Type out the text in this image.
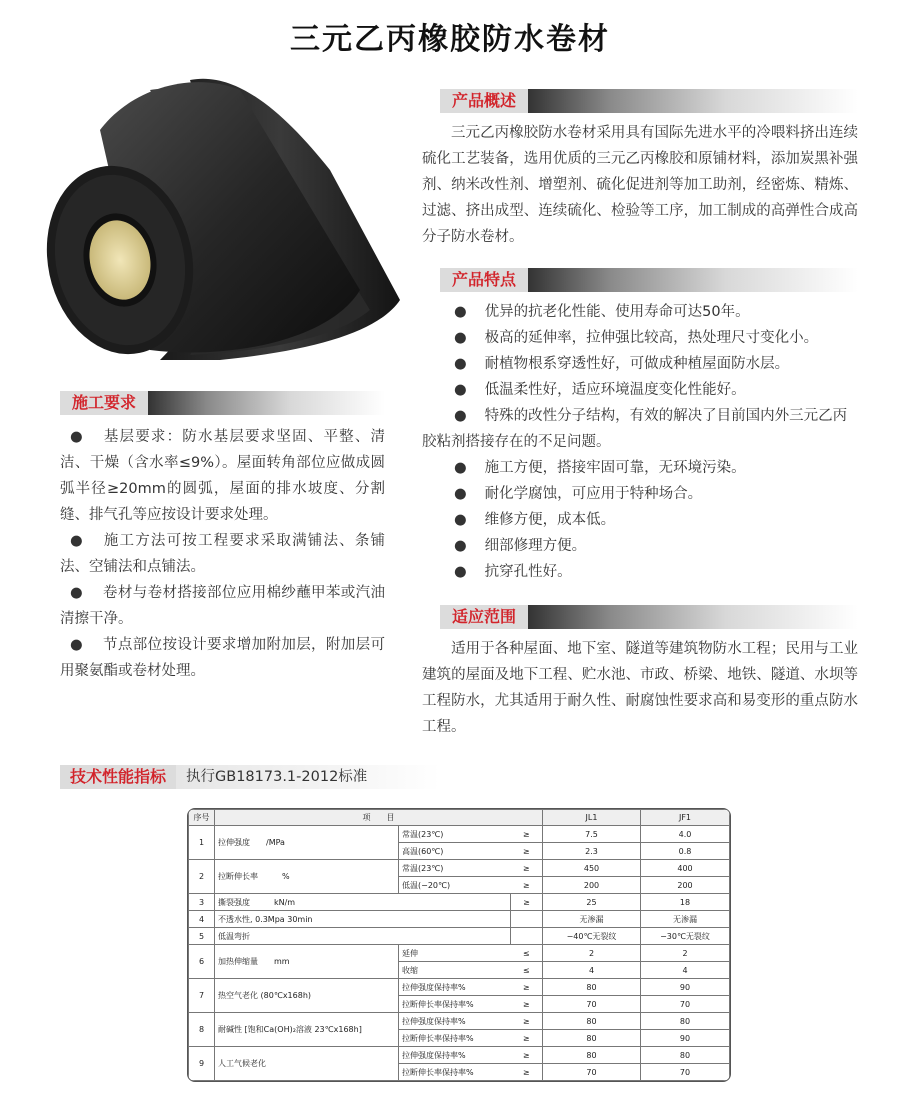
三元乙丙橡胶防水卷材
产品概述

三元乙丙橡胶防水卷材采用具有国际先进水平的冷喂料挤出连续硫化工艺装备，选用优质的三元乙丙橡胶和原铺材料，添加炭黑补强剂、纳米改性剂、增塑剂、硫化促进剂等加工助剂，经密炼、精炼、过滤、挤出成型、连续硫化、检验等工序，加工制成的高弹性合成高分子防水卷材。

产品特点
● 优异的抗老化性能、使用寿命可达50年。
● 极高的延伸率，拉伸强比较高，热处理尺寸变化小。
● 耐植物根系穿透性好，可做成种植屋面防水层。
● 低温柔性好，适应环境温度变化性能好。
● 特殊的改性分子结构，有效的解决了目前国内外三元乙丙胶粘剂搭接存在的不足问题。
● 施工方便，搭接牢固可靠，无环境污染。
● 耐化学腐蚀，可应用于特种场合。
● 维修方便，成本低。
● 细部修理方便。
● 抗穿孔性好。
适应范围

适用于各种屋面、地下室、隧道等建筑物防水工程；民用与工业建筑的屋面及地下工程、贮水池、市政、桥梁、地铁、隧道、水坝等工程防水，尤其适用于耐久性、耐腐蚀性要求高和易变形的重点防水工程。

施工要求
● 基层要求：防水基层要求坚固、平整、清洁、干燥（含水率≤9%）。屋面转角部位应做成圆弧半径≥20mm的圆弧，屋面的排水坡度、分割缝、排气孔等应按设计要求处理。
● 施工方法可按工程要求采取满铺法、条铺法、空铺法和点铺法。
● 卷材与卷材搭接部位应用棉纱蘸甲苯或汽油清擦干净。
● 节点部位按设计要求增加附加层，附加层可用聚氨酯或卷材处理。
技术性能指标	执行GB18173.1-2012标准
序号	项　　目			JL1	JF1
1	拉伸强度　　/MPa	常温(23℃)	≥	7.5	4.0
		高温(60℃)	≥	2.3	0.8
2	拉断伸长率　　　%	常温(23℃)	≥	450	400
		低温(−20℃)	≥	200	200
3	撕裂强度　　　kN/m		≥	25	18
4	不透水性, 0.3Mpa 30min			无渗漏	无渗漏
5	低温弯折			−40℃无裂纹	−30℃无裂纹
6	加热伸缩量　　mm	延伸	≤	2	2
		收缩	≤	4	4
7	热空气老化 (80℃x168h)	拉伸强度保持率%	≥	80	90
		拉断伸长率保持率%	≥	70	70
8	耐碱性 [饱和Ca(OH)₂溶液 23℃x168h]	拉伸强度保持率%	≥	80	80
		拉断伸长率保持率%	≥	80	90
9	人工气候老化	拉伸强度保持率%	≥	80	80
		拉断伸长率保持率%	≥	70	70
